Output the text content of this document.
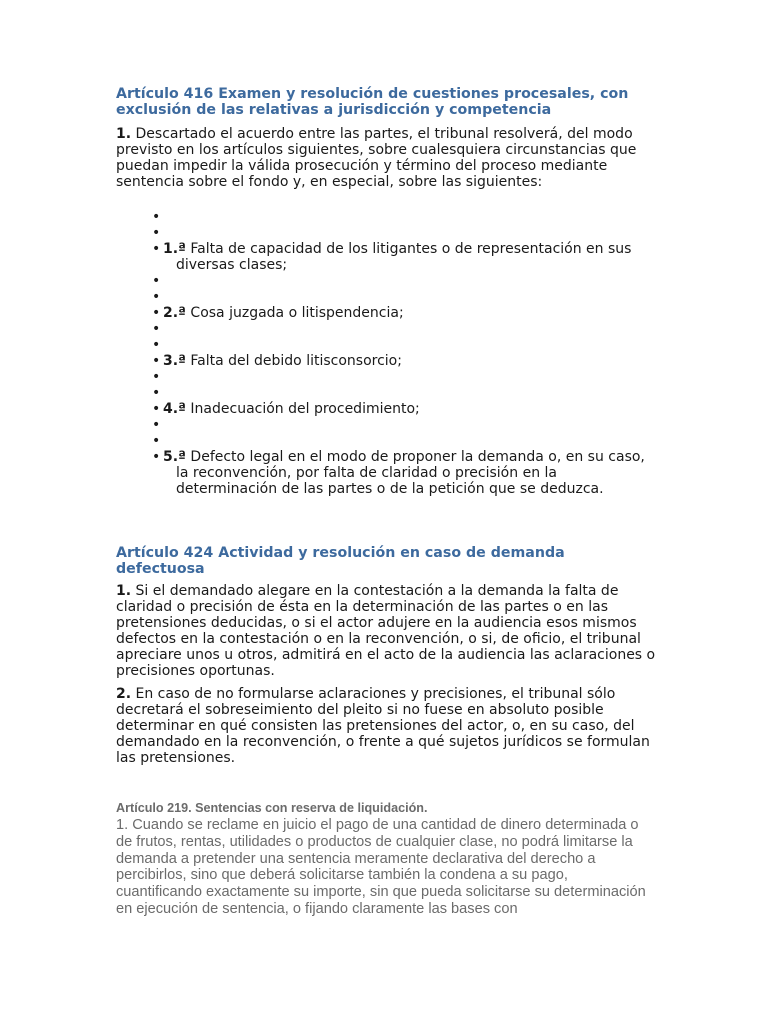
Artículo 416 Examen y resolución de cuestiones procesales, con exclusión de las relativas a jurisdicción y competencia

1. Descartado el acuerdo entre las partes, el tribunal resolverá, del modo previsto en los artículos siguientes, sobre cualesquiera circunstancias que puedan impedir la válida prosecución y término del proceso mediante sentencia sobre el fondo y, en especial, sobre las siguientes:

•
•
• 1.ª Falta de capacidad de los litigantes o de representación en sus diversas clases;
•
•
• 2.ª Cosa juzgada o litispendencia;
•
•
• 3.ª Falta del debido litisconsorcio;
•
•
• 4.ª Inadecuación del procedimiento;
•
•
• 5.ª Defecto legal en el modo de proponer la demanda o, en su caso, la reconvención, por falta de claridad o precisión en la determinación de las partes o de la petición que se deduzca.
Artículo 424 Actividad y resolución en caso de demanda defectuosa

1. Si el demandado alegare en la contestación a la demanda la falta de claridad o precisión de ésta en la determinación de las partes o en las pretensiones deducidas, o si el actor adujere en la audiencia esos mismos defectos en la contestación o en la reconvención, o si, de oficio, el tribunal apreciare unos u otros, admitirá en el acto de la audiencia las aclaraciones o precisiones oportunas.

2. En caso de no formularse aclaraciones y precisiones, el tribunal sólo decretará el sobreseimiento del pleito si no fuese en absoluto posible determinar en qué consisten las pretensiones del actor, o, en su caso, del demandado en la reconvención, o frente a qué sujetos jurídicos se formulan las pretensiones.

Artículo 219. Sentencias con reserva de liquidación.

1. Cuando se reclame en juicio el pago de una cantidad de dinero determinada o de frutos, rentas, utilidades o productos de cualquier clase, no podrá limitarse la demanda a pretender una sentencia meramente declarativa del derecho a percibirlos, sino que deberá solicitarse también la condena a su pago, cuantificando exactamente su importe, sin que pueda solicitarse su determinación en ejecución de sentencia, o fijando claramente las bases con
